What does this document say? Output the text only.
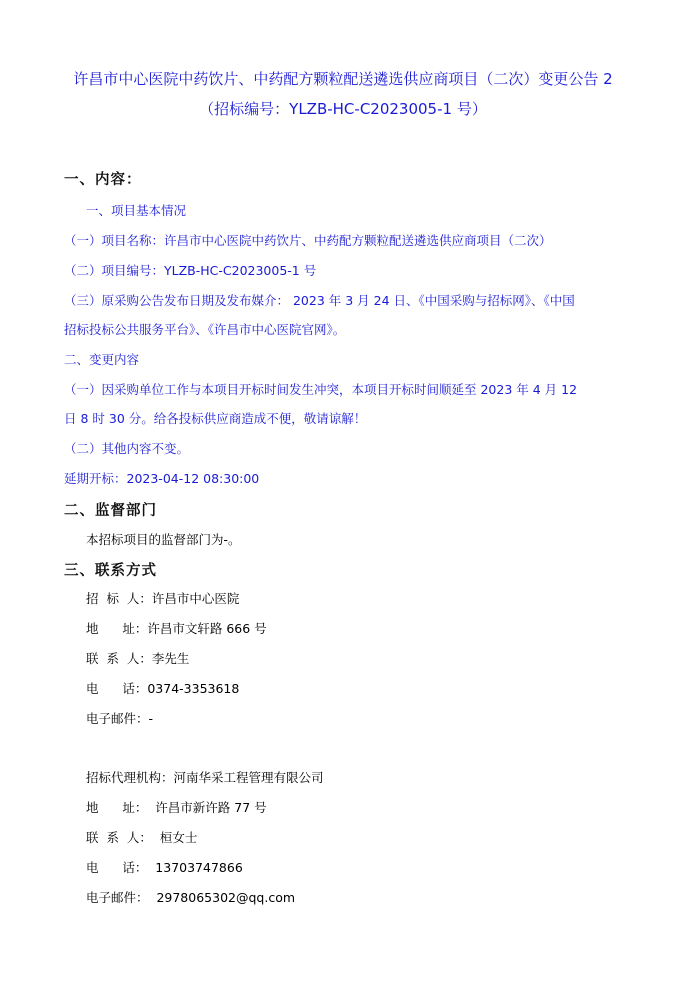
许昌市中心医院中药饮片、中药配方颗粒配送遴选供应商项目（二次）变更公告 2
（招标编号：YLZB-HC-C2023005-1 号）
一、内容：
一、项目基本情况
（一）项目名称：许昌市中心医院中药饮片、中药配方颗粒配送遴选供应商项目（二次）
（二）项目编号：YLZB-HC-C2023005-1 号
（三）原采购公告发布日期及发布媒介： 2023 年 3 月 24 日、《中国采购与招标网》、《中国
招标投标公共服务平台》、《许昌市中心医院官网》。
二、变更内容
（一）因采购单位工作与本项目开标时间发生冲突，本项目开标时间顺延至 2023 年 4 月 12
日 8 时 30 分。给各投标供应商造成不便，敬请谅解！
（二）其他内容不变。
延期开标：2023-04-12 08:30:00
二、监督部门
本招标项目的监督部门为-。
三、联系方式
招  标  人：许昌市中心医院
地      址：许昌市文轩路 666 号
联  系  人：李先生
电      话：0374-3353618
电子邮件：-
招标代理机构：河南华采工程管理有限公司
地      址：  许昌市新许路 77 号
联  系  人：  桓女士
电      话：  13703747866
电子邮件：  2978065302@qq.com
